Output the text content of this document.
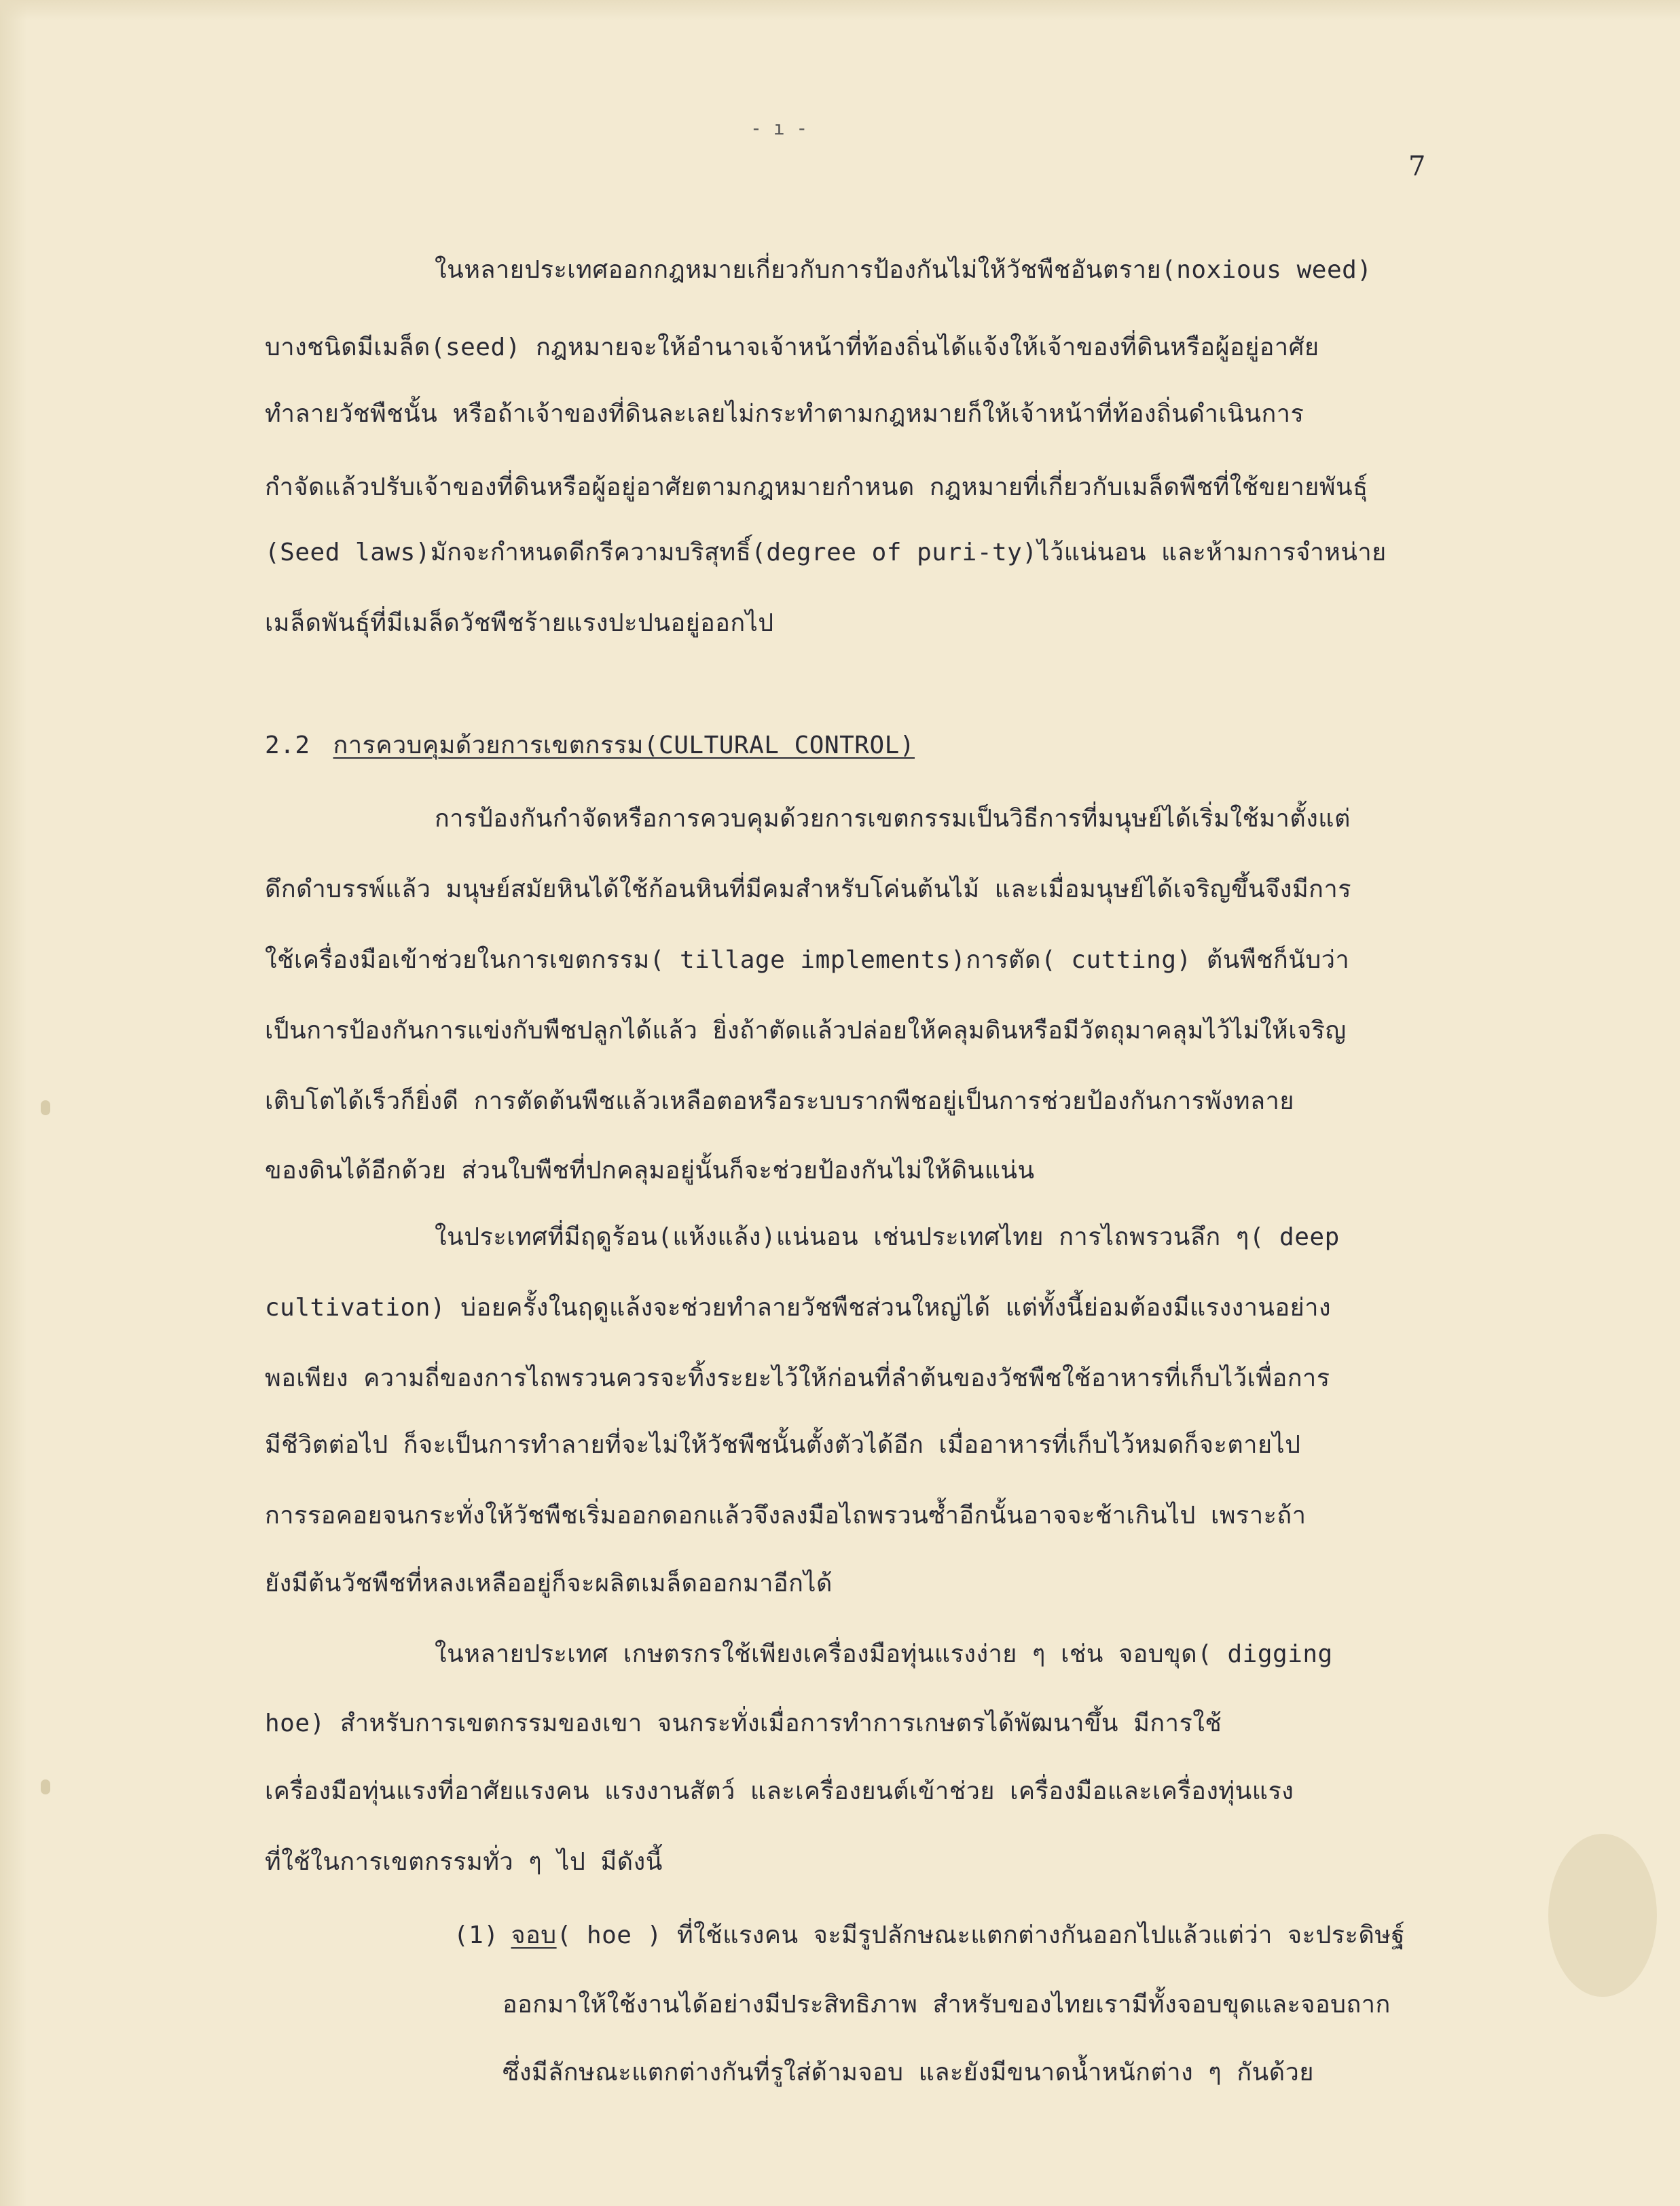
- ı -
7
ในหลายประเทศออกกฎหมายเกี่ยวกับการป้องกันไม่ให้วัชพืชอันตราย(noxious weed)
บางชนิดมีเมล็ด(seed) กฎหมายจะให้อำนาจเจ้าหน้าที่ท้องถิ่นได้แจ้งให้เจ้าของที่ดินหรือผู้อยู่อาศัย
ทำลายวัชพืชนั้น หรือถ้าเจ้าของที่ดินละเลยไม่กระทำตามกฎหมายก็ให้เจ้าหน้าที่ท้องถิ่นดำเนินการ
กำจัดแล้วปรับเจ้าของที่ดินหรือผู้อยู่อาศัยตามกฎหมายกำหนด กฎหมายที่เกี่ยวกับเมล็ดพืชที่ใช้ขยายพันธุ์
(Seed laws)มักจะกำหนดดีกรีความบริสุทธิ์(degree of puri-ty)ไว้แน่นอน และห้ามการจำหน่าย
เมล็ดพันธุ์ที่มีเมล็ดวัชพืชร้ายแรงปะปนอยู่ออกไป
2.2 การควบคุมด้วยการเขตกรรม(CULTURAL CONTROL)
การป้องกันกำจัดหรือการควบคุมด้วยการเขตกรรมเป็นวิธีการที่มนุษย์ได้เริ่มใช้มาตั้งแต่
ดึกดำบรรพ์แล้ว มนุษย์สมัยหินได้ใช้ก้อนหินที่มีคมสำหรับโค่นต้นไม้ และเมื่อมนุษย์ได้เจริญขึ้นจึงมีการ
ใช้เครื่องมือเข้าช่วยในการเขตกรรม( tillage implements)การตัด( cutting) ต้นพืชก็นับว่า
เป็นการป้องกันการแข่งกับพืชปลูกได้แล้ว ยิ่งถ้าตัดแล้วปล่อยให้คลุมดินหรือมีวัตถุมาคลุมไว้ไม่ให้เจริญ
เติบโตได้เร็วก็ยิ่งดี การตัดต้นพืชแล้วเหลือตอหรือระบบรากพืชอยู่เป็นการช่วยป้องกันการพังทลาย
ของดินได้อีกด้วย ส่วนใบพืชที่ปกคลุมอยู่นั้นก็จะช่วยป้องกันไม่ให้ดินแน่น
ในประเทศที่มีฤดูร้อน(แห้งแล้ง)แน่นอน เช่นประเทศไทย การไถพรวนลึก ๆ( deep
cultivation) บ่อยครั้งในฤดูแล้งจะช่วยทำลายวัชพืชส่วนใหญ่ได้ แต่ทั้งนี้ย่อมต้องมีแรงงานอย่าง
พอเพียง ความถี่ของการไถพรวนควรจะทิ้งระยะไว้ให้ก่อนที่ลำต้นของวัชพืชใช้อาหารที่เก็บไว้เพื่อการ
มีชีวิตต่อไป ก็จะเป็นการทำลายที่จะไม่ให้วัชพืชนั้นตั้งตัวได้อีก เมื่ออาหารที่เก็บไว้หมดก็จะตายไป
การรอคอยจนกระทั่งให้วัชพืชเริ่มออกดอกแล้วจึงลงมือไถพรวนซ้ำอีกนั้นอาจจะช้าเกินไป เพราะถ้า
ยังมีต้นวัชพืชที่หลงเหลืออยู่ก็จะผลิตเมล็ดออกมาอีกได้
ในหลายประเทศ เกษตรกรใช้เพียงเครื่องมือทุ่นแรงง่าย ๆ เช่น จอบขุด( digging
hoe) สำหรับการเขตกรรมของเขา จนกระทั่งเมื่อการทำการเกษตรได้พัฒนาขึ้น มีการใช้
เครื่องมือทุ่นแรงที่อาศัยแรงคน แรงงานสัตว์ และเครื่องยนต์เข้าช่วย เครื่องมือและเครื่องทุ่นแรง
ที่ใช้ในการเขตกรรมทั่ว ๆ ไป มีดังนี้
(1) จอบ( hoe ) ที่ใช้แรงคน จะมีรูปลักษณะแตกต่างกันออกไปแล้วแต่ว่า จะประดิษฐ์
ออกมาให้ใช้งานได้อย่างมีประสิทธิภาพ สำหรับของไทยเรามีทั้งจอบขุดและจอบถาก
ซึ่งมีลักษณะแตกต่างกันที่รูใส่ด้ามจอบ และยังมีขนาดน้ำหนักต่าง ๆ กันด้วย
